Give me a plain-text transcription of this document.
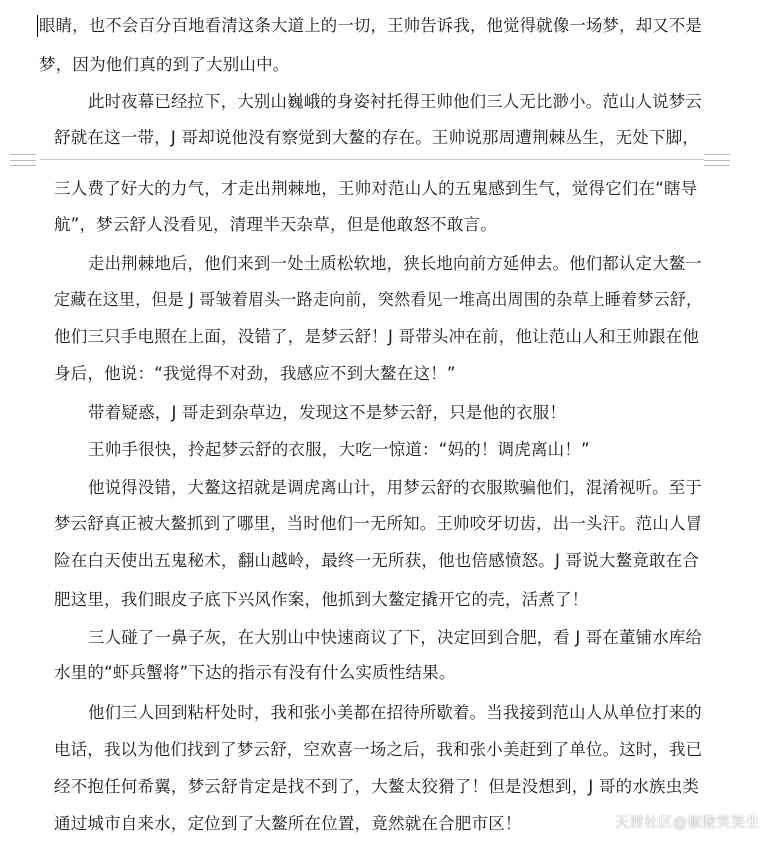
眼睛，也不会百分百地看清这条大道上的一切，王帅告诉我，他觉得就像一场梦，却又不是
梦，因为他们真的到了大别山中。
此时夜幕已经拉下，大别山巍峨的身姿衬托得王帅他们三人无比渺小。范山人说梦云
舒就在这一带，J 哥却说他没有察觉到大鳌的存在。王帅说那周遭荆棘丛生，无处下脚，
三人费了好大的力气，才走出荆棘地，王帅对范山人的五鬼感到生气，觉得它们在“瞎导
航”，梦云舒人没看见，清理半天杂草，但是他敢怒不敢言。
走出荆棘地后，他们来到一处土质松软地，狭长地向前方延伸去。他们都认定大鳌一
定藏在这里，但是 J 哥皱着眉头一路走向前，突然看见一堆高出周围的杂草上睡着梦云舒，
他们三只手电照在上面，没错了，是梦云舒！J 哥带头冲在前，他让范山人和王帅跟在他
身后，他说：“我觉得不对劲，我感应不到大鳌在这！”
带着疑惑，J 哥走到杂草边，发现这不是梦云舒，只是他的衣服！
王帅手很快，拎起梦云舒的衣服，大吃一惊道：“妈的！调虎离山！”
他说得没错，大鳌这招就是调虎离山计，用梦云舒的衣服欺骗他们，混淆视听。至于
梦云舒真正被大鳌抓到了哪里，当时他们一无所知。王帅咬牙切齿，出一头汗。范山人冒
险在白天使出五鬼秘术，翻山越岭，最终一无所获，他也倍感愤怒。J 哥说大鳌竟敢在合
肥这里，我们眼皮子底下兴风作案，他抓到大鳌定撬开它的壳，活煮了！
三人碰了一鼻子灰，在大别山中快速商议了下，决定回到合肥，看 J 哥在董铺水库给
水里的“虾兵蟹将”下达的指示有没有什么实质性结果。
他们三人回到粘杆处时，我和张小美都在招待所歇着。当我接到范山人从单位打来的
电话，我以为他们找到了梦云舒，空欢喜一场之后，我和张小美赶到了单位。这时，我已
经不抱任何希翼，梦云舒肯定是找不到了，大鳌太狡猾了！但是没想到，J 哥的水族虫类
通过城市自来水，定位到了大鳌所在位置，竟然就在合肥市区！	天涯社区@椒陵笑笑生
